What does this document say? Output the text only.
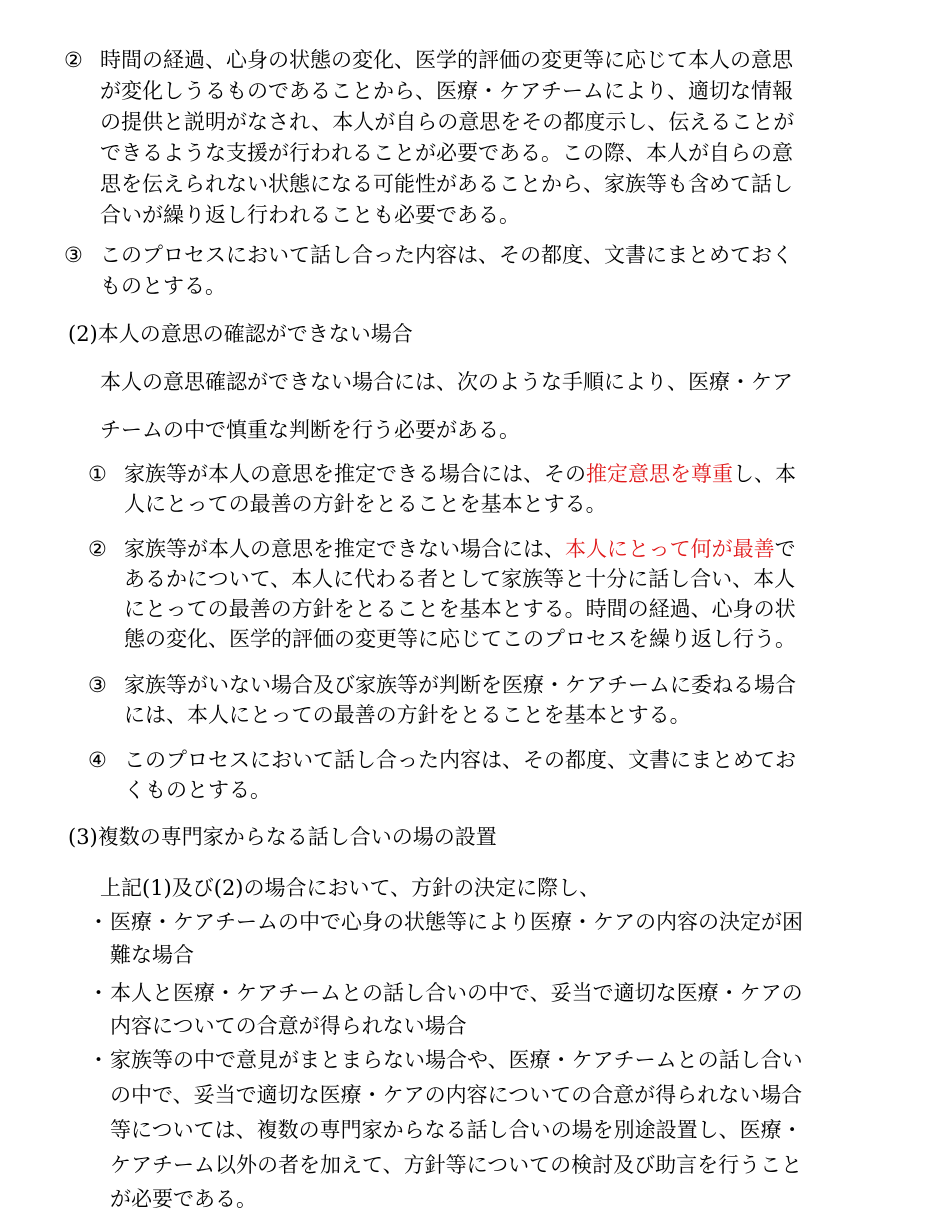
② 時間の経過、心身の状態の変化、医学的評価の変更等に応じて本人の意思
が変化しうるものであることから、医療・ケアチームにより、適切な情報
の提供と説明がなされ、本人が自らの意思をその都度示し、伝えることが
できるような支援が行われることが必要である。この際、本人が自らの意
思を伝えられない状態になる可能性があることから、家族等も含めて話し
合いが繰り返し行われることも必要である。
③ このプロセスにおいて話し合った内容は、その都度、文書にまとめておく
ものとする。
(2)本人の意思の確認ができない場合
本人の意思確認ができない場合には、次のような手順により、医療・ケア
チームの中で慎重な判断を行う必要がある。
① 家族等が本人の意思を推定できる場合には、その推定意思を尊重し、本
人にとっての最善の方針をとることを基本とする。
② 家族等が本人の意思を推定できない場合には、本人にとって何が最善で
あるかについて、本人に代わる者として家族等と十分に話し合い、本人
にとっての最善の方針をとることを基本とする。時間の経過、心身の状
態の変化、医学的評価の変更等に応じてこのプロセスを繰り返し行う。
③ 家族等がいない場合及び家族等が判断を医療・ケアチームに委ねる場合
には、本人にとっての最善の方針をとることを基本とする。
④ このプロセスにおいて話し合った内容は、その都度、文書にまとめてお
くものとする。
(3)複数の専門家からなる話し合いの場の設置
上記(1)及び(2)の場合において、方針の決定に際し、
・ 医療・ケアチームの中で心身の状態等により医療・ケアの内容の決定が困
難な場合
・ 本人と医療・ケアチームとの話し合いの中で、妥当で適切な医療・ケアの
内容についての合意が得られない場合
・ 家族等の中で意見がまとまらない場合や、医療・ケアチームとの話し合い
の中で、妥当で適切な医療・ケアの内容についての合意が得られない場合
等については、複数の専門家からなる話し合いの場を別途設置し、医療・
ケアチーム以外の者を加えて、方針等についての検討及び助言を行うこと
が必要である。
